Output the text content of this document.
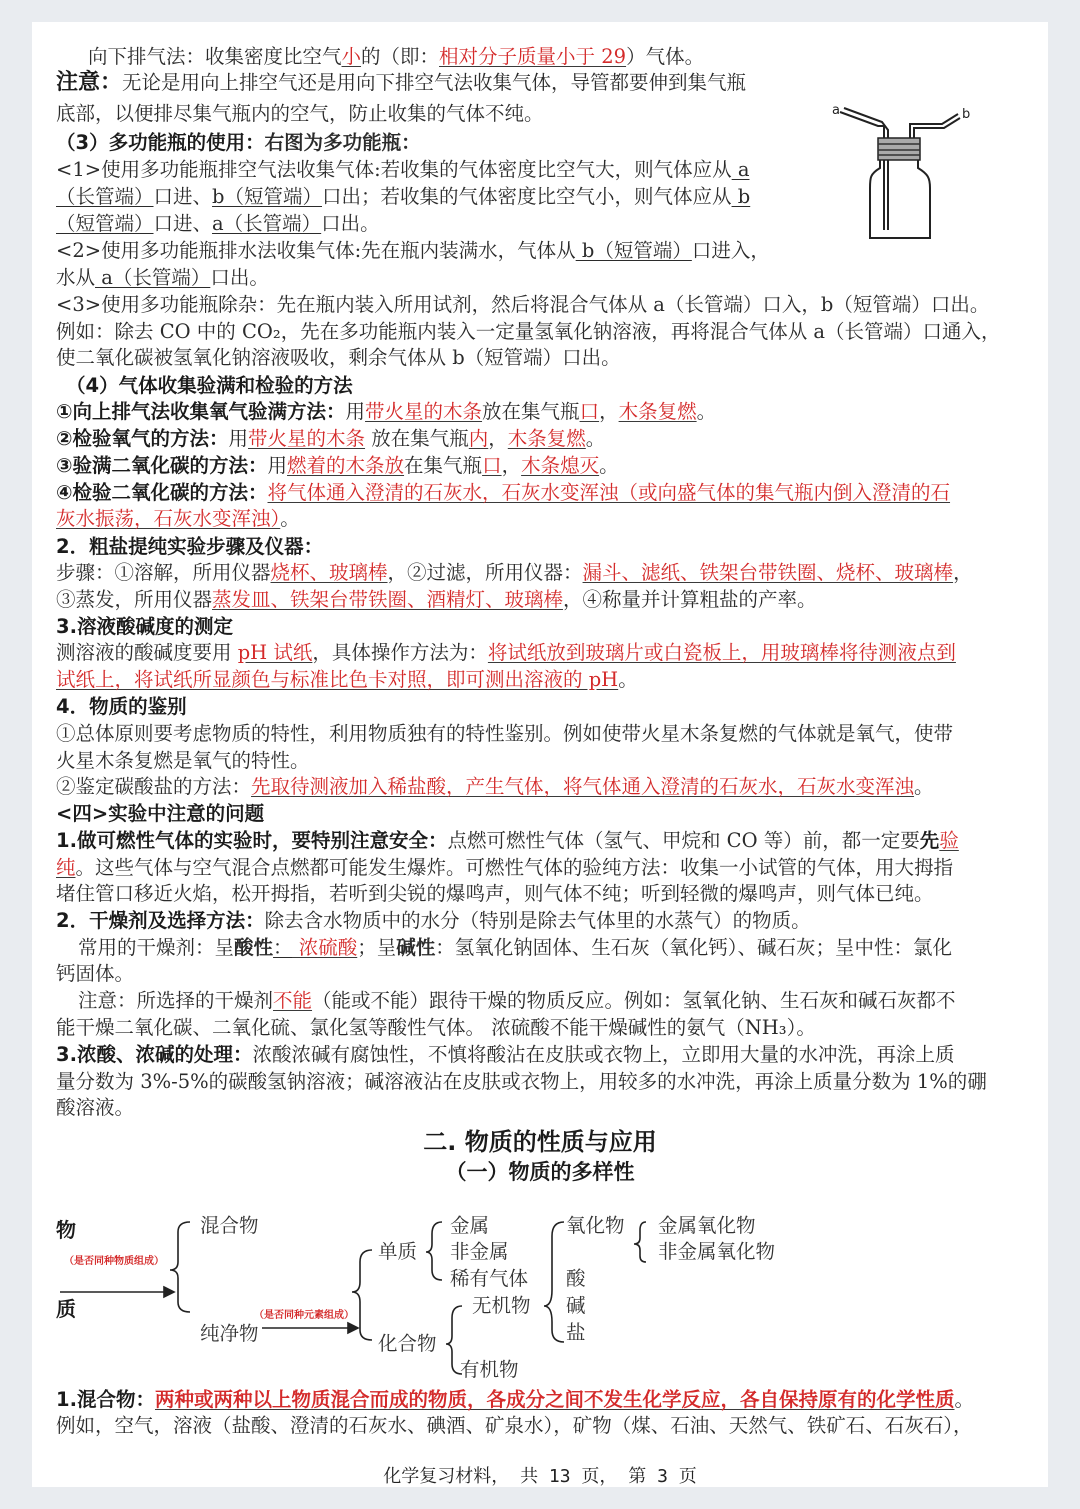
向下排气法：收集密度比空气小的（即：相对分子质量小于 29）气体。
注意：无论是用向上排空气还是用向下排空气法收集气体，导管都要伸到集气瓶
底部，以便排尽集气瓶内的空气，防止收集的气体不纯。	a	b
（3）多功能瓶的使用：右图为多功能瓶：
<1>使用多功能瓶排空气法收集气体:若收集的气体密度比空气大，则气体应从 a
（长管端）口进、b（短管端）口出；若收集的气体密度比空气小，则气体应从 b
（短管端）口进、a（长管端）口出。
<2>使用多功能瓶排水法收集气体:先在瓶内装满水，气体从 b（短管端）口进入，
水从 a（长管端）口出。
<3>使用多功能瓶除杂：先在瓶内装入所用试剂，然后将混合气体从 a（长管端）口入，b（短管端）口出。
例如：除去 CO 中的 CO₂，先在多功能瓶内装入一定量氢氧化钠溶液，再将混合气体从 a（长管端）口通入，
使二氧化碳被氢氧化钠溶液吸收，剩余气体从 b（短管端）口出。
（4）气体收集验满和检验的方法
①向上排气法收集氧气验满方法：用带火星的木条放在集气瓶口，木条复燃。
②检验氧气的方法：用带火星的木条 放在集气瓶内，木条复燃。
③验满二氧化碳的方法：用燃着的木条放在集气瓶口，木条熄灭。
④检验二氧化碳的方法：将气体通入澄清的石灰水，石灰水变浑浊（或向盛气体的集气瓶内倒入澄清的石
灰水振荡，石灰水变浑浊）。
2．粗盐提纯实验步骤及仪器：
步骤：①溶解，所用仪器烧杯、玻璃棒，②过滤，所用仪器：漏斗、滤纸、铁架台带铁圈、烧杯、玻璃棒，
③蒸发，所用仪器蒸发皿、铁架台带铁圈、酒精灯、玻璃棒，④称量并计算粗盐的产率。
3.溶液酸碱度的测定
测溶液的酸碱度要用 pH 试纸，具体操作方法为：将试纸放到玻璃片或白瓷板上，用玻璃棒将待测液点到
试纸上，将试纸所显颜色与标准比色卡对照，即可测出溶液的 pH。
4．物质的鉴别
①总体原则要考虑物质的特性，利用物质独有的特性鉴别。例如使带火星木条复燃的气体就是氧气，使带
火星木条复燃是氧气的特性。
②鉴定碳酸盐的方法：先取待测液加入稀盐酸，产生气体，将气体通入澄清的石灰水，石灰水变浑浊。
<四>实验中注意的问题
1.做可燃性气体的实验时，要特别注意安全：点燃可燃性气体（氢气、甲烷和 CO 等）前，都一定要先验
纯。这些气体与空气混合点燃都可能发生爆炸。可燃性气体的验纯方法：收集一小试管的气体，用大拇指
堵住管口移近火焰，松开拇指，若听到尖锐的爆鸣声，则气体不纯；听到轻微的爆鸣声，则气体已纯。
2．干燥剂及选择方法：除去含水物质中的水分（特别是除去气体里的水蒸气）的物质。
常用的干燥剂：呈酸性： 浓硫酸；呈碱性：氢氧化钠固体、生石灰（氧化钙）、碱石灰；呈中性：氯化
钙固体。
注意：所选择的干燥剂不能（能或不能）跟待干燥的物质反应。例如：氢氧化钠、生石灰和碱石灰都不
能干燥二氧化碳、二氧化硫、氯化氢等酸性气体。 浓硫酸不能干燥碱性的氨气（NH₃）。
3.浓酸、浓碱的处理：浓酸浓碱有腐蚀性，不慎将酸沾在皮肤或衣物上，立即用大量的水冲洗，再涂上质
量分数为 3%-5%的碳酸氢钠溶液；碱溶液沾在皮肤或衣物上，用较多的水冲洗，再涂上质量分数为 1%的硼
酸溶液。
二. 物质的性质与应用
（一）物质的多样性
物
质
（是否同种物质组成）
（是否同种元素组成）
混合物
纯净物
单质
化合物
金属
非金属
稀有气体
无机物
有机物
氧化物
酸
碱
盐
金属氧化物
非金属氧化物
1.混合物：两种或两种以上物质混合而成的物质，各成分之间不发生化学反应，各自保持原有的化学性质。
例如，空气，溶液（盐酸、澄清的石灰水、碘酒、矿泉水），矿物（煤、石油、天然气、铁矿石、石灰石），
化学复习材料， 共 13 页， 第 3 页
